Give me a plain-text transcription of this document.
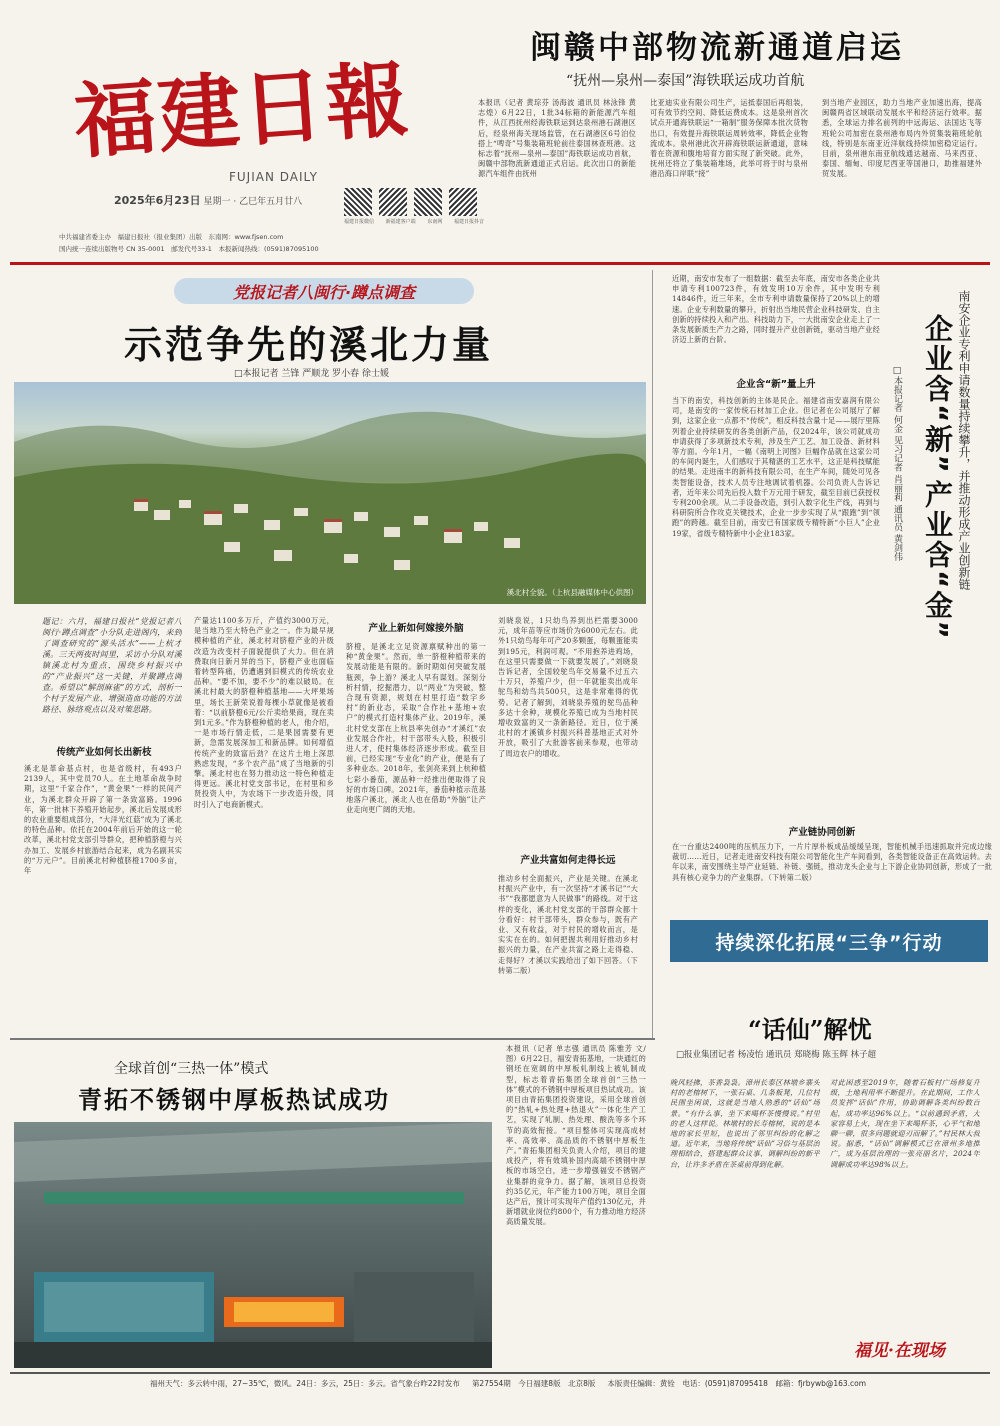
福建日報
FUJIAN DAILY
2025年6月23日 星期一 · 乙巳年五月廿八
福建日报微信 新福建客户端 东南网 福建日报抖音
中共福建省委主办　福建日报社（报业集团）出版　东南网：www.fjsen.com
国内统一连续出版物号 CN 35-0001　邮发代号33-1　本报新闻热线：(0591)87095100
闽赣中部物流新通道启运
“抚州—泉州—泰国”海铁联运成功首航
本报讯（记者 黄琮芬 汤海波 通讯员 林泳锋 黄志煌）6月22日，1批34标箱的新能源汽车组件，从江西抚州经海铁联运到达泉州港石湖港区后，经泉州海关现场监管，在石湖港区6号泊位搭上“啤奇”号集装箱班轮前往泰国林查班港。这标志着“抚州—泉州—泰国”海铁联运成功首航，闽赣中部物流新通道正式启运。此次出口的新能源汽车组件由抚州
比亚迪实业有限公司生产，运抵泰国后再组装，可有效节约空间、降低运费成本。这是泉州首次试点开通海铁联运“一箱制”服务保障本批次货物出口，有效提升海铁联运周转效率，降低企业物流成本。泉州港此次开辟海铁联运新通道，意味着在资源和腹地培育方面实现了新突破。此外，抚州还将立了集装箱堆场，此举可将于时与泉州港沿海口岸联“接”
到当地产业园区，助力当地产业加速出海，提高闽赣两省区域联动发展水平和经济运行效率。据悉，全球运力排名前列的中远海运、法国达飞等班轮公司加密在泉州港布局内外贸集装箱班轮航线，特别是东南亚近洋航线持续加密稳定运行。目前，泉州港东南亚航线通达越南、马来西亚、泰国、缅甸、印度尼西亚等国港口，助推福建外贸发展。
党报记者八闽行·蹲点调查
示范争先的溪北力量
□本报记者 兰锋 严顺龙 罗小春 徐士媛
溪北村全貌。（上杭县融媒体中心供图）
题记：六月，福建日报社“党报记者八闽行·蹲点调查”小分队走进阁内，来到了调查研究的“源头活水”——上杭才溪。三天两夜时间里，采访小分队对溪镇溪北村为重点，围绕乡村振兴中的“产业振兴”这一关键，并聚蹲点调查。希望以“解剖麻雀”的方式，剖析一个村子发展产业、增强造血功能的方法路径、脉络观点以及对策思路。
传统产业如何长出新枝
溪北是革命基点村，也是省级村，有493户2139人，其中党员70人。在土地革命战争时期，这里“千家合作”，“黄金果”一样的民间产业，为溪北群众开辟了第一条致富路。1996年，第一批林下养殖开始起步，溪北后发展成形的农业重要组成部分，“大洋光红菇”成为了溪北的特色品种。依托在2004年前后开始的这一轮改革，溪北村党支部引导群众，把种植脐橙与兴办加工、发展乡村旅游结合起来，成为名副其实的“万元户”。目前溪北村种植脐橙1700多亩，年
产量达1100多万斤，产值约3000万元，是当地乃至大特色产业之一。作为最早规模种植的产业，溪北村对脐橙产业的升级改造为改变村子面貌提供了大力。但在消费取向日新月异的当下，脐橙产业也面临着转型阵痛，仍遭遇到旧模式的传统农业品种。“要不加，要不少”的难以破局。在溪北村最大的脐橙种植基地——大坪果场里，场长王新荣说着每棵小草就像是被看着：“以前脐橙6元/公斤卖给果商，现在卖到1元多。”作为脐橙种植的老人，他介绍，一是市场行情走低，二是果园需要有更新，急需发展深加工和新品牌。如何增值传统产业的致富后劲？在这片土地上深思熟虑发现，“多个农产品”成了当地新的引擎。溪北村也在努力推动这一特色种植走得更远。溪北村党支部书记，在村里和乡贤投资人中，为农场下一步改造升级，同时引入了电商新模式。
产业上新如何嫁接外脑
脐橙，是溪北立足资源禀赋种出的第一种“黄金果”。然而，单一脐橙种植带来的发展动能是有限的。新时期如何突破发展瓶颈，争上游？溪北人早有谋划。深刻分析村情，挖掘潜力，以“两业”为突破，整合现有资源，规划在村里打造“数字乡村”的新业态，采取“合作社+基地+农户”的模式打造村集体产业。2019年，溪北村党支部在上杭县率先创办“才溪红”农业发展合作社，村干部带头入股，积极引进人才，使村集体经济逐步形成。截至目前，已经实现“专业化”的产业，便是有了多种业态。2018年，张剑亮来到上杭种植七彩小番茄，源品种一经推出便取得了良好的市场口碑。2021年，番茄种植示范基地落户溪北，溪北人也在借助“外脑”让产业走向更广阔的天地。
刘晓泉说，1只幼鸟养到出栏需要3000元，成年苗等应市场价为6000元左右。此外1只幼鸟每年可产20多颗蛋，每颗蛋能卖到195元，利润可观。“不用抱养进鸡场，在这里只需要做一下就要发展了。”刘晓泉告诉记者，全国较鸵鸟年交易量不过五六十万只，养殖户少，但一年就能卖出成年鸵鸟和幼鸟共500只，这是非常难得的优势。记者了解到，刘晓泉养殖的鸵鸟品种多达十余种，规模化养殖已成为当地村民增收致富的又一条新路径。近日，位于溪北村的才溪镇乡村振兴科普基地正式对外开放，吸引了大批游客前来参观，也带动了周边农户的增收。
产业共富如何走得长远
推动乡村全面振兴，产业是关键。在溪北村振兴产业中，有一次坚持“才溪书记”“大书”“我都愿意为人民做事”的路线。对于这样的变化，溪北村党支部的干部群众都十分看好：村干部带头，群众参与，既有产业、又有收益，对于村民的增收而言，是实实在在的。如何把握共利用好推动乡村振兴的力量，在产业共富之路上走得稳、走得好？才溪以实践给出了如下回答。（下转第二版）
近期，南安市发布了一组数据：截至去年底，南安市各类企业共申请专利100723件，有效发明10万余件，其中发明专利14846件，近三年来，全市专利申请数量保持了20%以上的增速。企业专利数量的攀升，折射出当地民营企业科技研发、自主创新的持续投入和产出。科技助力下，一大批南安企业走上了一条发展新质生产力之路，同时提升产业创新链，驱动当地产业经济迈上新的台阶。
企业含“新”量上升
当下的南安，科技创新的主体是民企。福建省南安嘉润有限公司，是南安的一家传统石材加工企业。但记者在公司展厅了解到，这家企业一点都不“传统”，相反科技含量十足——展厅里陈列着企业持续研发的各类创新产品，仅2024年，该公司就成功申请获得了多项新技术专利，涉及生产工艺、加工设备、新材料等方面。今年1月，一幅《南明上河图》巨幅作品就在这家公司的车间内诞生，人们感叹于其精湛的工艺水平，这正是科技赋能的结果。走进南丰的新科技有限公司，在生产车间，随处可见各类智能设备，技术人员专注地调试着机器。公司负责人告诉记者，近年来公司先后投入数千万元用于研发，截至目前已获授权专利200余项。从二手设备改造，到引入数字化生产线，再到与科研院所合作攻克关键技术，企业一步步实现了从“跟跑”到“领跑”的跨越。截至目前，南安已有国家级专精特新“小巨人”企业19家，省级专精特新中小企业183家。	南安企业专利申请数量持续攀升，并推动形成产业创新链
企业含“新”
产业含“金”
□本报记者 何金 见习记者 肖丽莉 通讯员 黄剑伟
产业链协同创新
在一台重达2400吨的压机压力下，一片片厚朴板成品缓缓呈现，智能机械手迅速抓取并完成边缘裁切……近日，记者走进南安科技有限公司智能化生产车间看到，各类智能设备正在高效运转。去年以来，南安围绕主导产业延链、补链、强链，推动龙头企业与上下游企业协同创新，形成了一批具有核心竞争力的产业集群。（下转第二版）
持续深化拓展“三争”行动
全球首创“三热一体”模式
青拓不锈钢中厚板热试成功
本报讯（记者 单志强 通讯员 陈雅芳 文/图）6月22日，福安青拓基地，一块通红的钢坯在宽阔的中厚板轧制线上被轧制成型，标志着青拓集团全球首创“三热一体”模式的不锈钢中厚板项目热试成功。该项目由青拓集团投资建设，采用全球首创的“热轧+热处理+热退火”一体化生产工艺，实现了轧制、热处理、酸洗等多个环节的高效衔接。“项目整体可实现高成材率、高效率、高品质的不锈钢中厚板生产。”青拓集团相关负责人介绍，项目的建成投产，将有效填补国内高端不锈钢中厚板的市场空白，进一步增强福安不锈钢产业集群的竞争力。据了解，该项目总投资约35亿元，年产能力100万吨，项目全面达产后，预计可实现年产值约130亿元，并新增就业岗位约800个，有力推动地方经济高质量发展。
“话仙”解忧
□报业集团记者 杨凌怡 通讯员 郑晓梅 陈玉辉 林子超
晚风轻拂，茶香袅袅。漳州长泰区林墩乡寨头村的老榕树下，一张石桌、几条板凳，几位村民围坐闲谈，这就是当地人熟悉的“话仙”场景。“有什么事，坐下来喝杯茶慢慢说。”村里的老人这样说。林墩村的长寿榕树，说的是本地的家长里短，也说出了邻里纠纷的化解之道。近年来，当地将传统“话仙”习俗与基层治理相结合，搭建起群众议事、调解纠纷的新平台，让许多矛盾在茶桌前得到化解。
对此困惑至2019年，随着石板村广场修复升级，土地利用率不断提升。在此期间，工作人员发挥“话仙”作用，协助调解各类纠纷数百起，成功率达96%以上。“以前遇到矛盾，大家容易上火，现在坐下来喝杯茶，心平气和地聊一聊，很多问题就迎刃而解了。”村民林大叔说。据悉，“话仙”调解模式已在漳州多地推广，成为基层治理的一张亮丽名片，2024年调解成功率达98%以上。
福见·在现场
福州天气：多云转中雨，27~35℃，微风。24日：多云，25日：多云。省气象台昨22时发布 第27554期　今日福建8版　北京8版 本版责任编辑：黄铨　电话：(0591)87095418　邮箱：fjrbywb@163.com
